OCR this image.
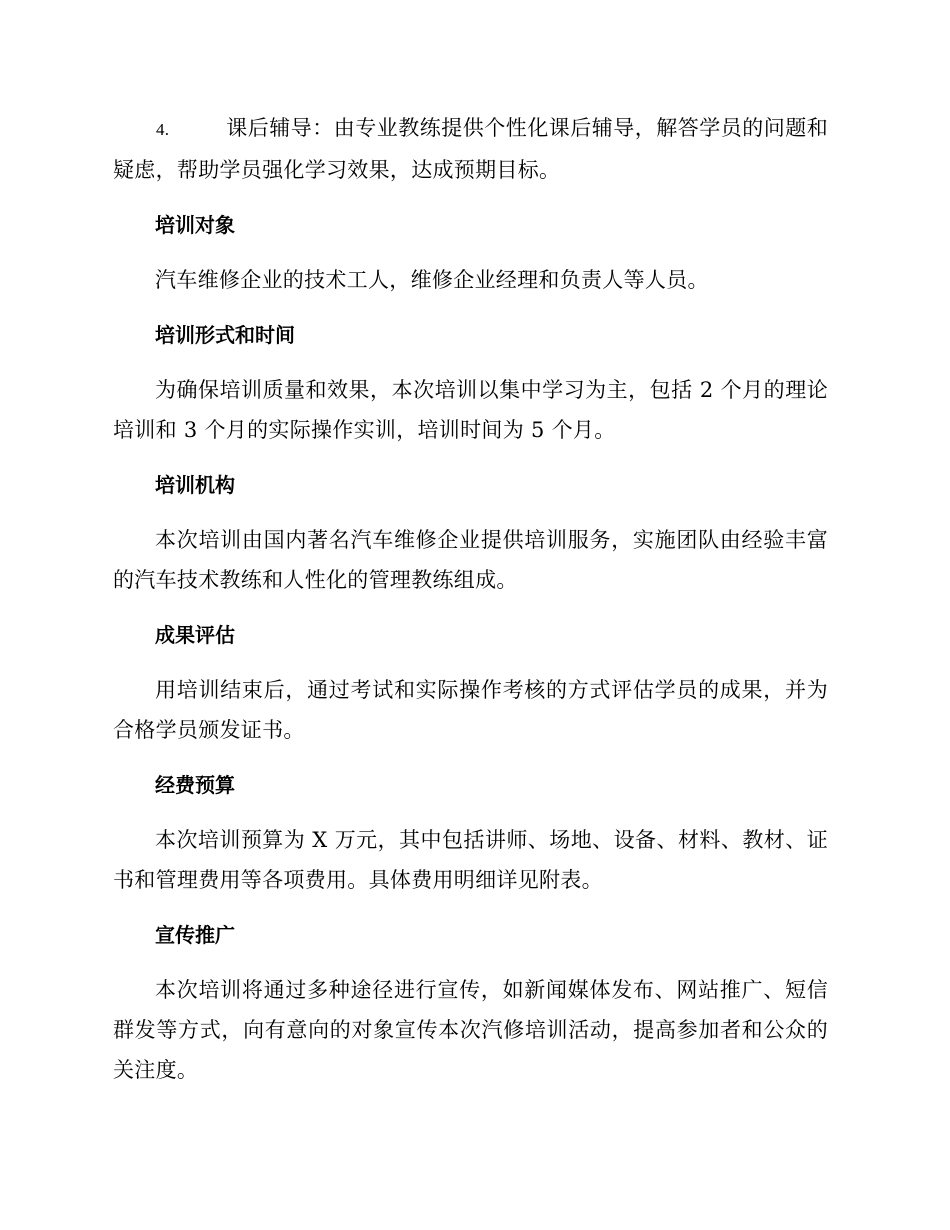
4.	课后辅导：由专业教练提供个性化课后辅导，解答学员的问题和疑虑，帮助学员强化学习效果，达成预期目标。

培训对象

汽车维修企业的技术工人，维修企业经理和负责人等人员。

培训形式和时间

为确保培训质量和效果，本次培训以集中学习为主，包括 2 个月的理论培训和 3 个月的实际操作实训，培训时间为 5 个月。

培训机构

本次培训由国内著名汽车维修企业提供培训服务，实施团队由经验丰富的汽车技术教练和人性化的管理教练组成。

成果评估

用培训结束后，通过考试和实际操作考核的方式评估学员的成果，并为合格学员颁发证书。

经费预算

本次培训预算为 X 万元，其中包括讲师、场地、设备、材料、教材、证书和管理费用等各项费用。具体费用明细详见附表。

宣传推广

本次培训将通过多种途径进行宣传，如新闻媒体发布、网站推广、短信群发等方式，向有意向的对象宣传本次汽修培训活动，提高参加者和公众的关注度。
